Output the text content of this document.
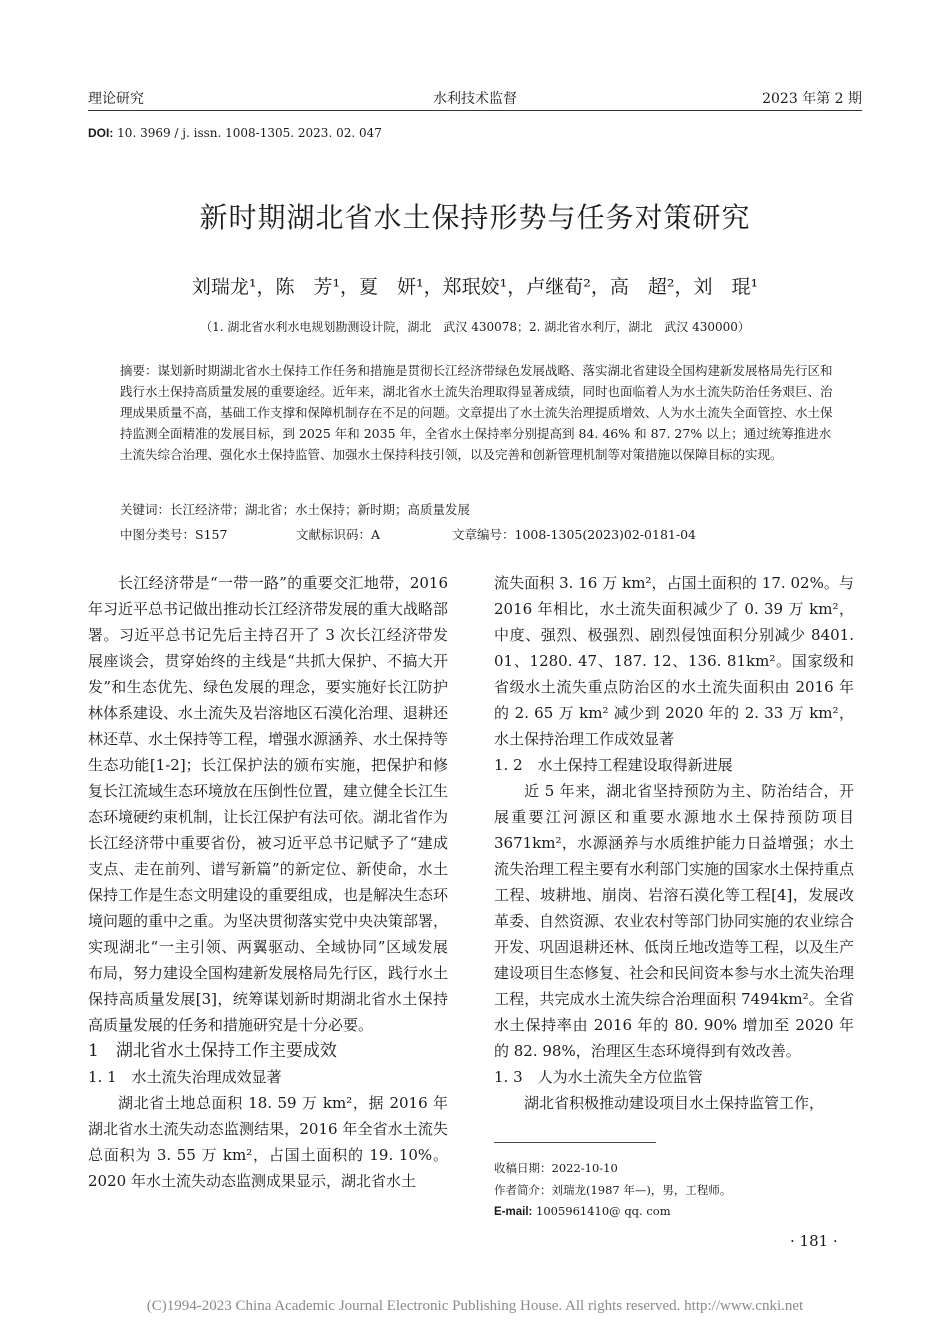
理论研究	水利技术监督	2023 年第 2 期
DOI: 10. 3969 / j. issn. 1008-1305. 2023. 02. 047
新时期湖北省水土保持形势与任务对策研究
刘瑞龙¹，陈　芳¹，夏　妍¹，郑珉姣¹，卢继荀²，高　超²，刘　琨¹
（1. 湖北省水利水电规划勘测设计院，湖北　武汉 430078；2. 湖北省水利厅，湖北　武汉 430000）

摘要：谋划新时期湖北省水土保持工作任务和措施是贯彻长江经济带绿色发展战略、落实湖北省建设全国构建新发展格局先行区和践行水土保持高质量发展的重要途经。近年来，湖北省水土流失治理取得显著成绩，同时也面临着人为水土流失防治任务艰巨、治理成果质量不高，基础工作支撑和保障机制存在不足的问题。文章提出了水土流失治理提质增效、人为水土流失全面管控、水土保持监测全面精准的发展目标，到 2025 年和 2035 年，全省水土保持率分别提高到 84. 46% 和 87. 27% 以上；通过统筹推进水土流失综合治理、强化水土保持监管、加强水土保持科技引领，以及完善和创新管理机制等对策措施以保障目标的实现。

关键词：长江经济带；湖北省；水土保持；新时期；高质量发展
中图分类号：S157	文献标识码：A	文章编号：1008-1305(2023)02-0181-04

长江经济带是“一带一路”的重要交汇地带，2016 年习近平总书记做出推动长江经济带发展的重大战略部署。习近平总书记先后主持召开了 3 次长江经济带发展座谈会，贯穿始终的主线是“共抓大保护、不搞大开发”和生态优先、绿色发展的理念，要实施好长江防护林体系建设、水土流失及岩溶地区石漠化治理、退耕还林还草、水土保持等工程，增强水源涵养、水土保持等生态功能[1-2]；长江保护法的颁布实施，把保护和修复长江流域生态环境放在压倒性位置，建立健全长江生态环境硬约束机制，让长江保护有法可依。湖北省作为长江经济带中重要省份，被习近平总书记赋予了“建成支点、走在前列、谱写新篇”的新定位、新使命，水土保持工作是生态文明建设的重要组成，也是解决生态环境问题的重中之重。为坚决贯彻落实党中央决策部署，实现湖北“一主引领、两翼驱动、全域协同”区域发展布局，努力建设全国构建新发展格局先行区，践行水土保持高质量发展[3]，统筹谋划新时期湖北省水土保持高质量发展的任务和措施研究是十分必要。

1　湖北省水土保持工作主要成效

1. 1　水土流失治理成效显著

湖北省土地总面积 18. 59 万 km²，据 2016 年湖北省水土流失动态监测结果，2016 年全省水土流失总面积为 3. 55 万 km²，占国土面积的 19. 10%。2020 年水土流失动态监测成果显示，湖北省水土

流失面积 3. 16 万 km²，占国土面积的 17. 02%。与 2016 年相比，水土流失面积减少了 0. 39 万 km²，中度、强烈、极强烈、剧烈侵蚀面积分别减少 8401. 01、1280. 47、187. 12、136. 81km²。国家级和省级水土流失重点防治区的水土流失面积由 2016 年的 2. 65 万 km² 减少到 2020 年的 2. 33 万 km²，水土保持治理工作成效显著

1. 2　水土保持工程建设取得新进展

近 5 年来，湖北省坚持预防为主、防治结合，开展重要江河源区和重要水源地水土保持预防项目 3671km²，水源涵养与水质维护能力日益增强；水土流失治理工程主要有水利部门实施的国家水土保持重点工程、坡耕地、崩岗、岩溶石漠化等工程[4]，发展改革委、自然资源、农业农村等部门协同实施的农业综合开发、巩固退耕还林、低岗丘地改造等工程，以及生产建设项目生态修复、社会和民间资本参与水土流失治理工程，共完成水土流失综合治理面积 7494km²。全省水土保持率由 2016 年的 80. 90% 增加至 2020 年的 82. 98%，治理区生态环境得到有效改善。

1. 3　人为水土流失全方位监管

湖北省积极推动建设项目水土保持监管工作，

收稿日期：2022-10-10
作者简介：刘瑞龙(1987 年—)，男，工程师。
E-mail: 1005961410@ qq. com
· 181 ·
(C)1994-2023 China Academic Journal Electronic Publishing House. All rights reserved. http://www.cnki.net
